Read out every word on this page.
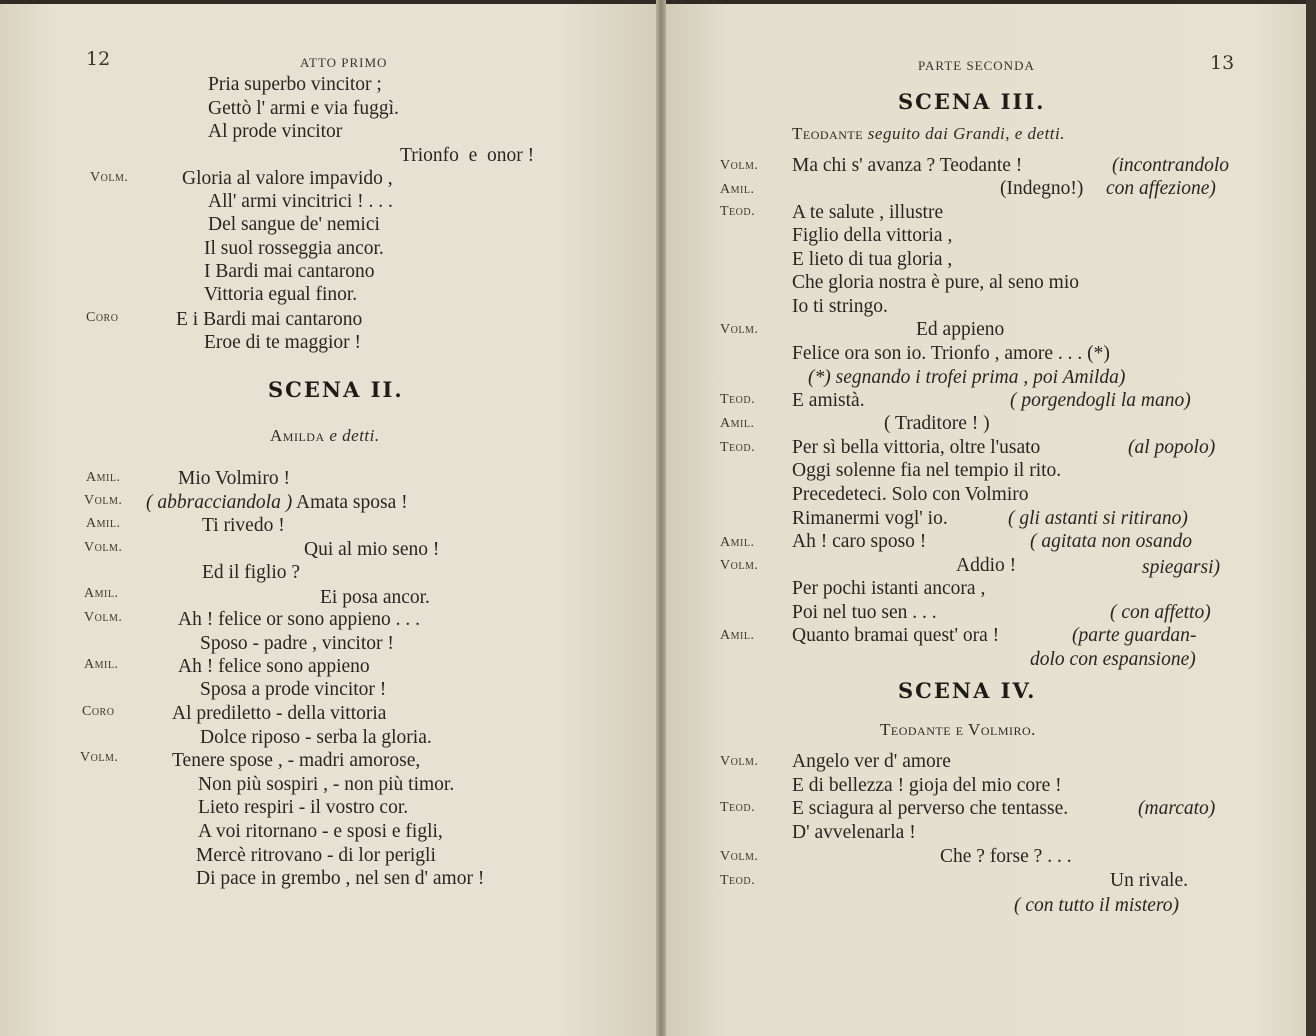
12	ATTO PRIMO
Pria superbo vincitor ;
Gettò l' armi e via fuggì.
Al prode vincitor
Trionfo  e  onor !
Volm.	Gloria al valore impavido ,
All' armi vincitrici ! . . .
Del sangue de' nemici
Il suol rosseggia ancor.
I Bardi mai cantarono
Vittoria egual finor.
Coro	E i Bardi mai cantarono
Eroe di te maggior !
SCENA II.
Amilda e detti.
Amil.	Mio Volmiro !
Volm. ( abbracciandola ) Amata sposa !
Amil.	Ti rivedo !
Volm.	Qui al mio seno !
Ed il figlio ?
Amil.	Ei posa ancor.
Volm.	Ah ! felice or sono appieno . . .
Sposo - padre , vincitor !
Amil.	Ah ! felice sono appieno
Sposa a prode vincitor !
Coro	Al prediletto - della vittoria
Dolce riposo - serba la gloria.
Volm.	Tenere spose , - madri amorose,
Non più sospiri , - non più timor.
Lieto respiri - il vostro cor.
A voi ritornano - e sposi e figli,
Mercè ritrovano - di lor perigli
Di pace in grembo , nel sen d' amor !
PARTE SECONDA	13
SCENA III.
Teodante seguito dai Grandi, e detti.
Volm. Ma chi s' avanza ? Teodante !	(incontrandolo
Amil.	(Indegno!) con affezione)
Teod. A te salute , illustre
Figlio della vittoria ,
E lieto di tua gloria ,
Che gloria nostra è pure, al seno mio
Io ti stringo.
Volm.	Ed appieno
Felice ora son io. Trionfo , amore . . . (*)
(*) segnando i trofei prima , poi Amilda)
Teod. E amistà.	( porgendogli la mano)
Amil.	( Traditore ! )
Teod. Per sì bella vittoria, oltre l'usato	(al popolo)
Oggi solenne fia nel tempio il rito.
Precedeteci. Solo con Volmiro
Rimanermi vogl' io.	( gli astanti si ritirano)
Amil. Ah ! caro sposo !	( agitata non osando
Volm.	Addio !	spiegarsi)
Per pochi istanti ancora ,
Poi nel tuo sen . . .	( con affetto)
Amil. Quanto bramai quest' ora !	(parte guardan-
dolo con espansione)
SCENA IV.
Teodante e Volmiro.
Volm. Angelo ver d' amore
E di bellezza ! gioja del mio core !
Teod. E sciagura al perverso che tentasse.	(marcato)
D' avvelenarla !
Volm.	Che ? forse ? . . .
Teod.	Un rivale.
( con tutto il mistero)
